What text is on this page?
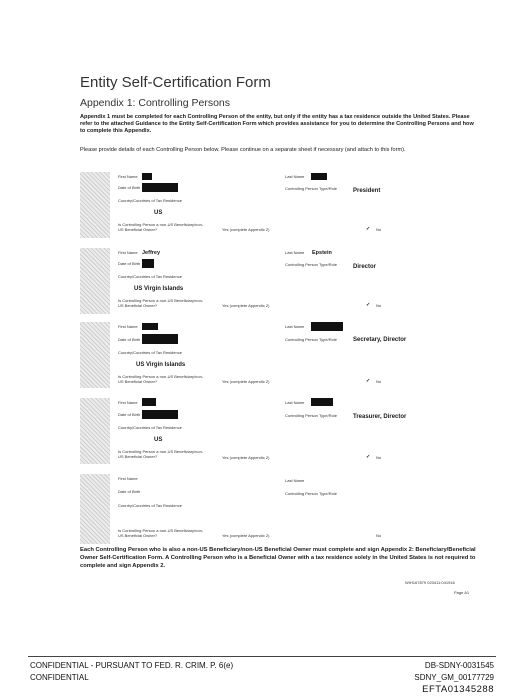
Entity Self-Certification Form
Appendix 1: Controlling Persons
Appendix 1 must be completed for each Controlling Person of the entity, but only if the entity has a tax residence outside the United States. Please refer to the attached Guidance to the Entity Self-Certification Form which provides assistance for you to determine the Controlling Persons and how to complete this Appendix.
Please provide details of each Controlling Person below. Please continue on a separate sheet if necessary (and attach to this form).
First Name	Last Name
Date of Birth	Controlling Person Type/Role	President
Country/Countries of Tax Residence
US
Is Controlling Person a non-US Beneficiary/non-US Beneficial Owner?	Yes (complete Appendix 2)	✓ No
First Name Jeffrey	Last Name Epstein
Date of Birth	Controlling Person Type/Role	Director
Country/Countries of Tax Residence
US Virgin Islands
Is Controlling Person a non-US Beneficiary/non-US Beneficial Owner?	Yes (complete Appendix 2)	✓ No
First Name	Last Name
Date of Birth	Controlling Person Type/Role	Secretary, Director
Country/Countries of Tax Residence
US Virgin Islands
Is Controlling Person a non-US Beneficiary/non-US Beneficial Owner?	Yes (complete Appendix 2)	✓ No
First Name	Last Name
Date of Birth	Controlling Person Type/Role	Treasurer, Director
Country/Countries of Tax Residence
US
Is Controlling Person a non-US Beneficiary/non-US Beneficial Owner?	Yes (complete Appendix 2)	✓ No
First Name	Last Name
Date of Birth	Controlling Person Type/Role
Country/Countries of Tax Residence
Is Controlling Person a non-US Beneficiary/non-US Beneficial Owner?	Yes (complete Appendix 2)	No
Each Controlling Person who is also a non-US Beneficiary/non-US Beneficial Owner must complete and sign Appendix 2: Beneficiary/Beneficial Owner Self-Certification Form. A Controlling Person who is a Beneficial Owner with a tax residence solely in the United States is not required to complete and sign Appendix 2.
WIH167879 023411:041918
Page A1
CONFIDENTIAL - PURSUANT TO FED. R. CRIM. P. 6(e)
CONFIDENTIAL
DB-SDNY-0031545
SDNY_GM_00177729
EFTA01345288
